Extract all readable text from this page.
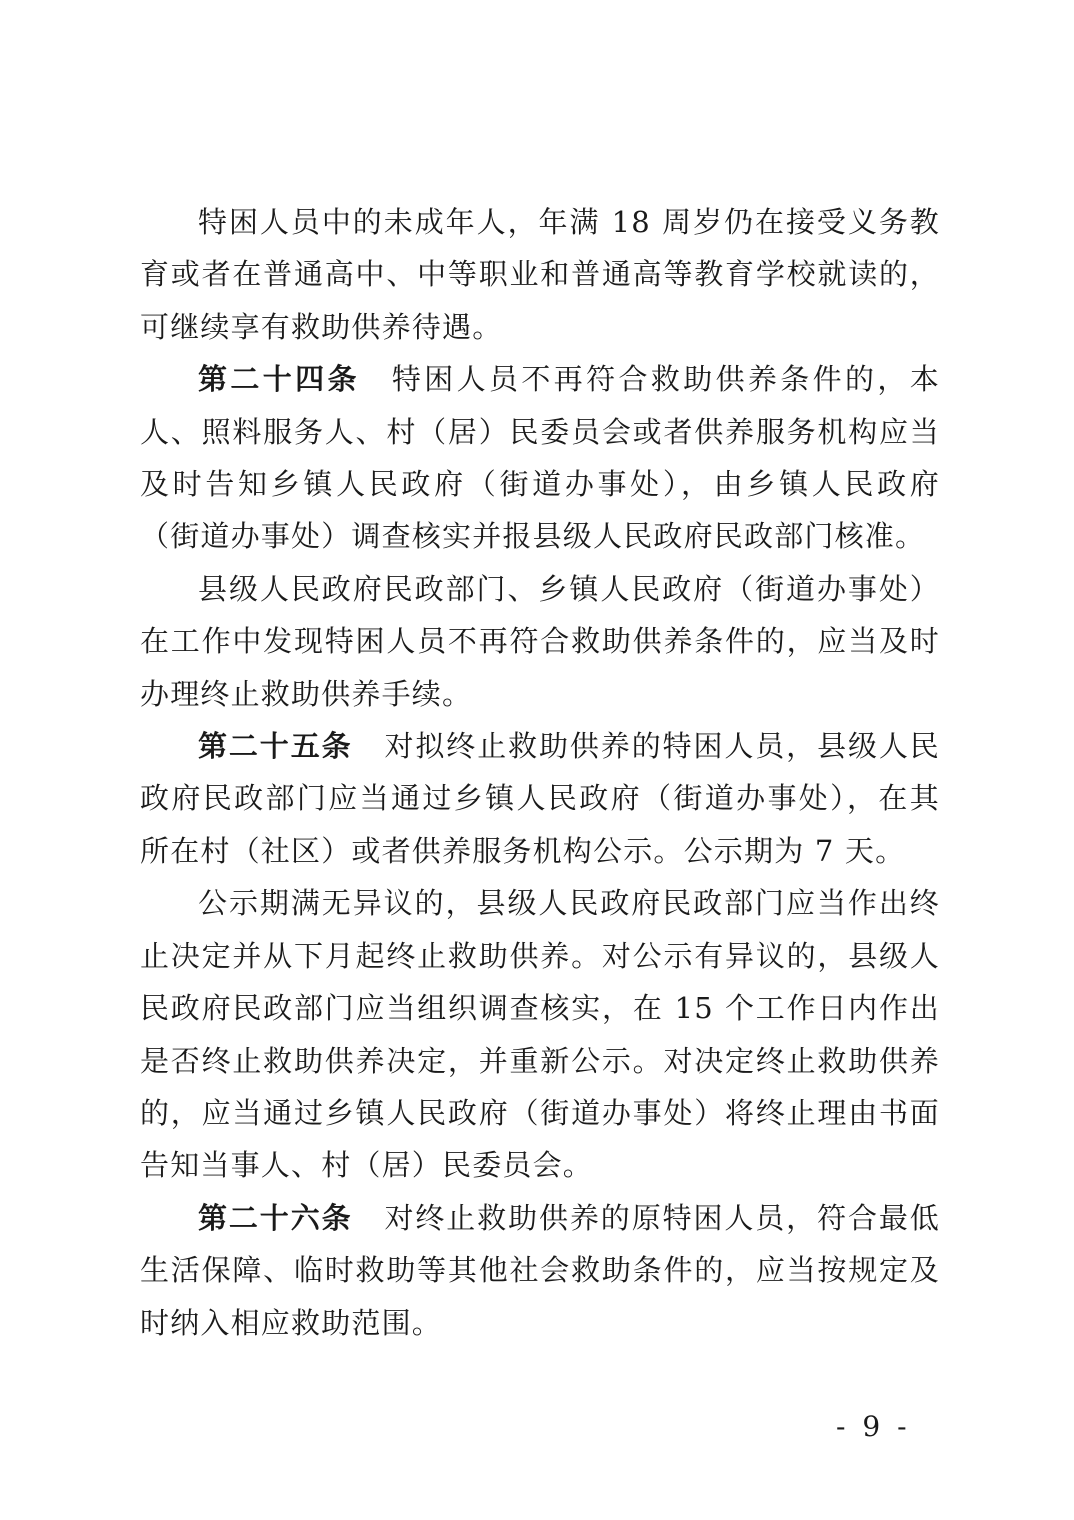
特困人员中的未成年人，年满 18 周岁仍在接受义务教育或者在普通高中、中等职业和普通高等教育学校就读的，可继续享有救助供养待遇。

第二十四条 特困人员不再符合救助供养条件的，本人、照料服务人、村（居）民委员会或者供养服务机构应当及时告知乡镇人民政府（街道办事处），由乡镇人民政府（街道办事处）调查核实并报县级人民政府民政部门核准。

县级人民政府民政部门、乡镇人民政府（街道办事处）在工作中发现特困人员不再符合救助供养条件的，应当及时办理终止救助供养手续。

第二十五条 对拟终止救助供养的特困人员，县级人民政府民政部门应当通过乡镇人民政府（街道办事处），在其所在村（社区）或者供养服务机构公示。公示期为 7 天。

公示期满无异议的，县级人民政府民政部门应当作出终止决定并从下月起终止救助供养。对公示有异议的，县级人民政府民政部门应当组织调查核实，在 15 个工作日内作出是否终止救助供养决定，并重新公示。对决定终止救助供养的，应当通过乡镇人民政府（街道办事处）将终止理由书面告知当事人、村（居）民委员会。

第二十六条 对终止救助供养的原特困人员，符合最低生活保障、临时救助等其他社会救助条件的，应当按规定及时纳入相应救助范围。

- 9 -
